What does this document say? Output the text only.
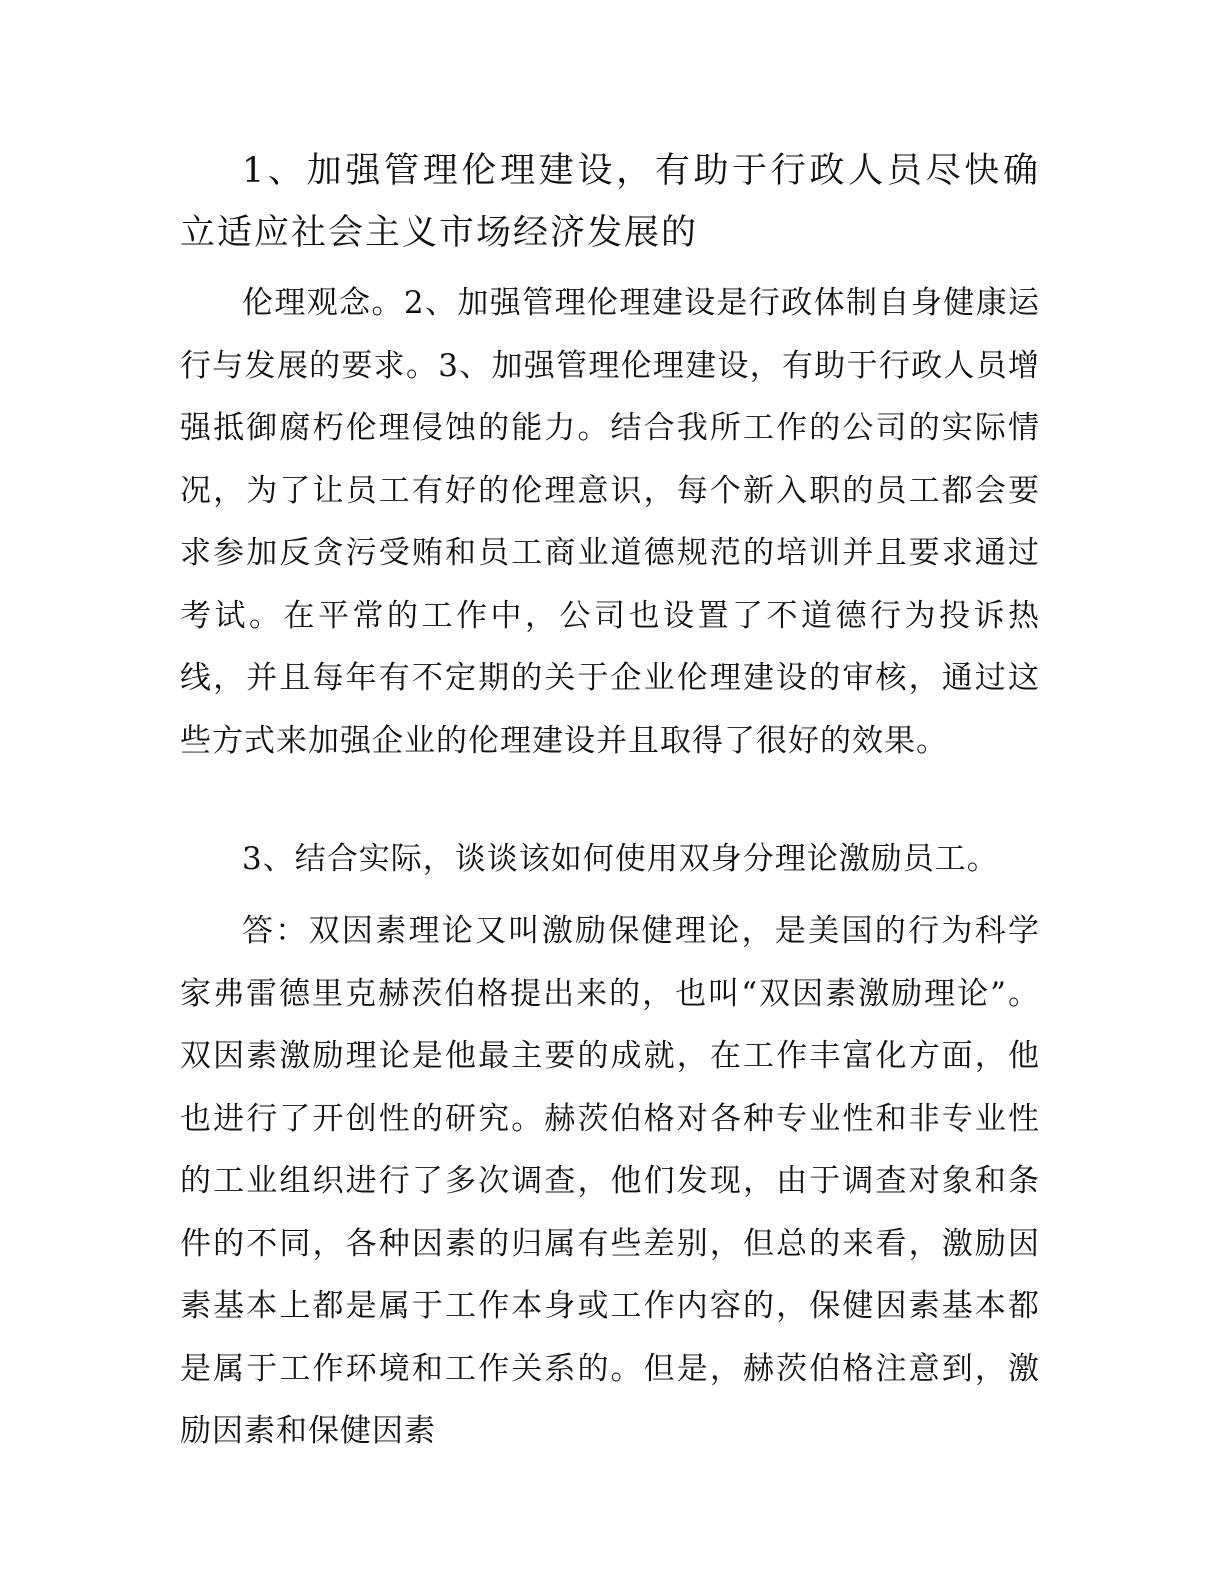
1、加强管理伦理建设，有助于行政人员尽快确立适应社会主义市场经济发展的

伦理观念。2、加强管理伦理建设是行政体制自身健康运行与发展的要求。3、加强管理伦理建设，有助于行政人员增强抵御腐朽伦理侵蚀的能力。结合我所工作的公司的实际情况，为了让员工有好的伦理意识，每个新入职的员工都会要求参加反贪污受贿和员工商业道德规范的培训并且要求通过考试。在平常的工作中，公司也设置了不道德行为投诉热线，并且每年有不定期的关于企业伦理建设的审核，通过这些方式来加强企业的伦理建设并且取得了很好的效果。

3、结合实际，谈谈该如何使用双身分理论激励员工。

答：双因素理论又叫激励保健理论，是美国的行为科学家弗雷德里克赫茨伯格提出来的，也叫“双因素激励理论”。双因素激励理论是他最主要的成就，在工作丰富化方面，他也进行了开创性的研究。赫茨伯格对各种专业性和非专业性的工业组织进行了多次调查，他们发现，由于调查对象和条件的不同，各种因素的归属有些差别，但总的来看，激励因素基本上都是属于工作本身或工作内容的，保健因素基本都是属于工作环境和工作关系的。但是，赫茨伯格注意到，激励因素和保健因素
